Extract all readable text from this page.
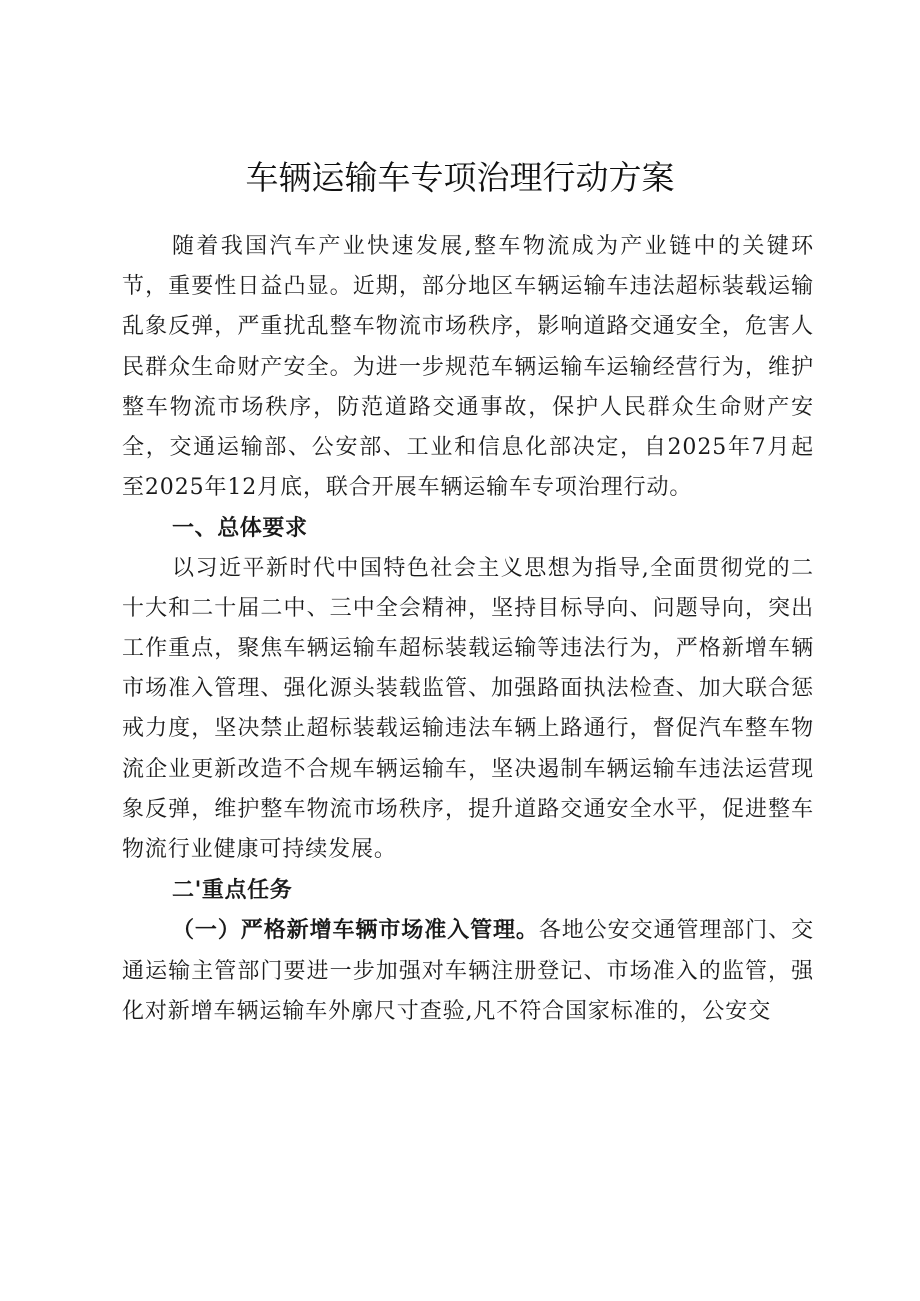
车辆运输车专项治理行动方案

随着我国汽车产业快速发展,整车物流成为产业链中的关键环节，重要性日益凸显。近期，部分地区车辆运输车违法超标装载运输乱象反弹，严重扰乱整车物流市场秩序，影响道路交通安全，危害人民群众生命财产安全。为进一步规范车辆运输车运输经营行为，维护整车物流市场秩序，防范道路交通事故，保护人民群众生命财产安全，交通运输部、公安部、工业和信息化部决定，自2025年7月起至2025年12月底，联合开展车辆运输车专项治理行动。

一、总体要求

以习近平新时代中国特色社会主义思想为指导,全面贯彻党的二十大和二十届二中、三中全会精神，坚持目标导向、问题导向，突出工作重点，聚焦车辆运输车超标装载运输等违法行为，严格新增车辆市场准入管理、强化源头装载监管、加强路面执法检查、加大联合惩戒力度，坚决禁止超标装载运输违法车辆上路通行，督促汽车整车物流企业更新改造不合规车辆运输车，坚决遏制车辆运输车违法运营现象反弹，维护整车物流市场秩序，提升道路交通安全水平，促进整车物流行业健康可持续发展。

二'重点任务

（一）严格新增车辆市场准入管理。各地公安交通管理部门、交通运输主管部门要进一步加强对车辆注册登记、市场准入的监管，强化对新增车辆运输车外廓尺寸查验,凡不符合国家标准的，公安交
